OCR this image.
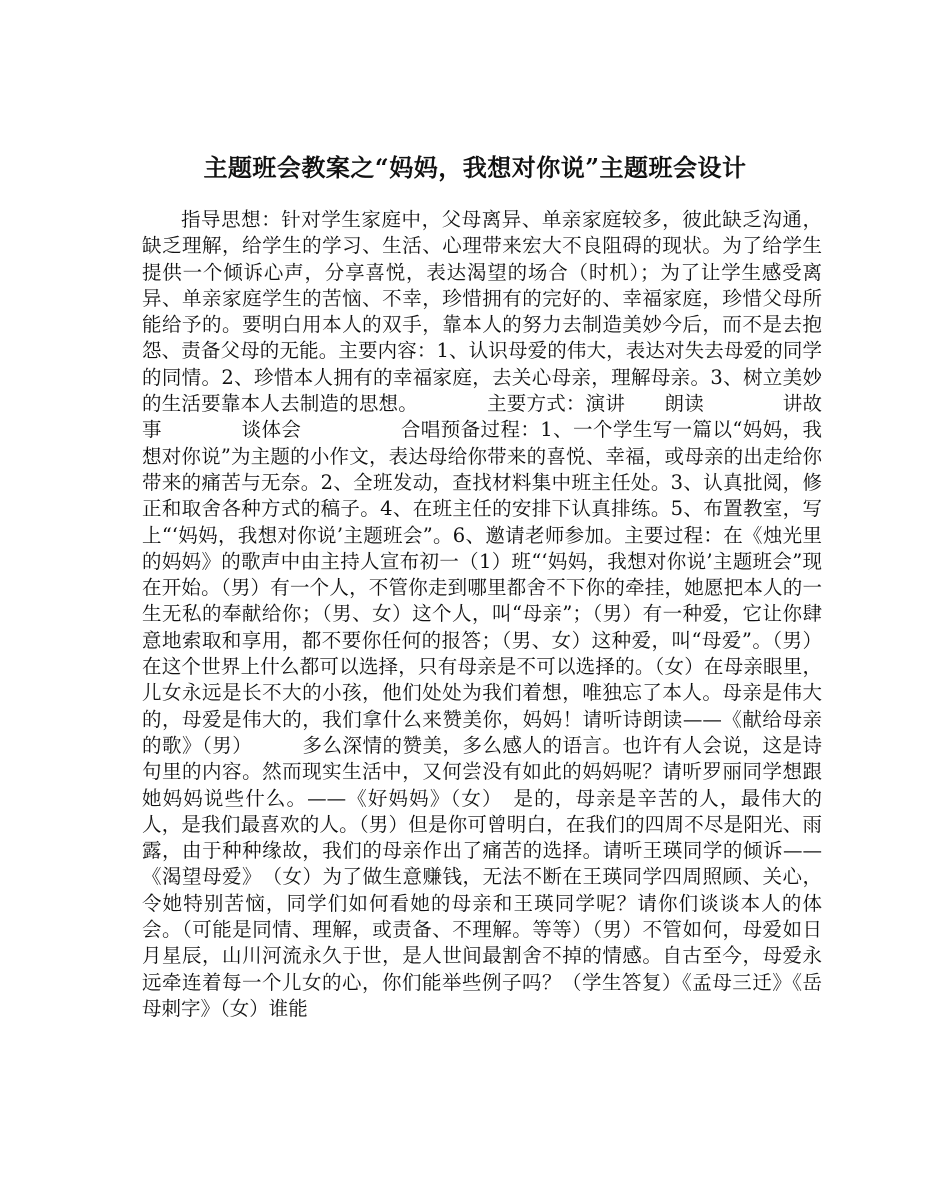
主题班会教案之“妈妈，我想对你说”主题班会设计

指导思想：针对学生家庭中，父母离异、单亲家庭较多，彼此缺乏沟通，缺乏理解，给学生的学习、生活、心理带来宏大不良阻碍的现状。为了给学生提供一个倾诉心声，分享喜悦，表达渴望的场合（时机）；为了让学生感受离异、单亲家庭学生的苦恼、不幸，珍惜拥有的完好的、幸福家庭，珍惜父母所能给予的。要明白用本人的双手，靠本人的努力去制造美妙今后，而不是去抱怨、责备父母的无能。主要内容：1、认识母爱的伟大，表达对失去母爱的同学的同情。2、珍惜本人拥有的幸福家庭，去关心母亲，理解母亲。3、树立美妙的生活要靠本人去制造的思想。　　　　主要方式：演讲　　朗读　　　　讲故事　　　　谈体会　　　　　合唱预备过程：1、一个学生写一篇以“妈妈，我想对你说”为主题的小作文，表达母给你带来的喜悦、幸福，或母亲的出走给你带来的痛苦与无奈。2、全班发动，查找材料集中班主任处。3、认真批阅，修正和取舍各种方式的稿子。4、在班主任的安排下认真排练。5、布置教室，写上“‘妈妈，我想对你说’主题班会”。6、邀请老师参加。主要过程：在《烛光里的妈妈》的歌声中由主持人宣布初一（1）班“‘妈妈，我想对你说’主题班会”现在开始。（男）有一个人，不管你走到哪里都舍不下你的牵挂，她愿把本人的一生无私的奉献给你；（男、女）这个人，叫“母亲”；（男）有一种爱，它让你肆意地索取和享用，都不要你任何的报答；（男、女）这种爱，叫“母爱”。（男）在这个世界上什么都可以选择，只有母亲是不可以选择的。（女）在母亲眼里，儿女永远是长不大的小孩，他们处处为我们着想，唯独忘了本人。母亲是伟大的，母爱是伟大的，我们拿什么来赞美你，妈妈！请听诗朗读——《献给母亲的歌》（男）　　　多么深情的赞美，多么感人的语言。也许有人会说，这是诗句里的内容。然而现实生活中，又何尝没有如此的妈妈呢？请听罗丽同学想跟她妈妈说些什么。——《好妈妈》（女）　是的，母亲是辛苦的人，最伟大的人，是我们最喜欢的人。（男）但是你可曾明白，在我们的四周不尽是阳光、雨露，由于种种缘故，我们的母亲作出了痛苦的选择。请听王瑛同学的倾诉——《渴望母爱》　（女）为了做生意赚钱，无法不断在王瑛同学四周照顾、关心，令她特别苦恼，同学们如何看她的母亲和王瑛同学呢？请你们谈谈本人的体会。（可能是同情、理解，或责备、不理解。等等）（男）不管如何，母爱如日月星辰，山川河流永久于世，是人世间最割舍不掉的情感。自古至今，母爱永远牵连着每一个儿女的心，你们能举些例子吗？（学生答复）《孟母三迁》《岳母刺字》（女）谁能
